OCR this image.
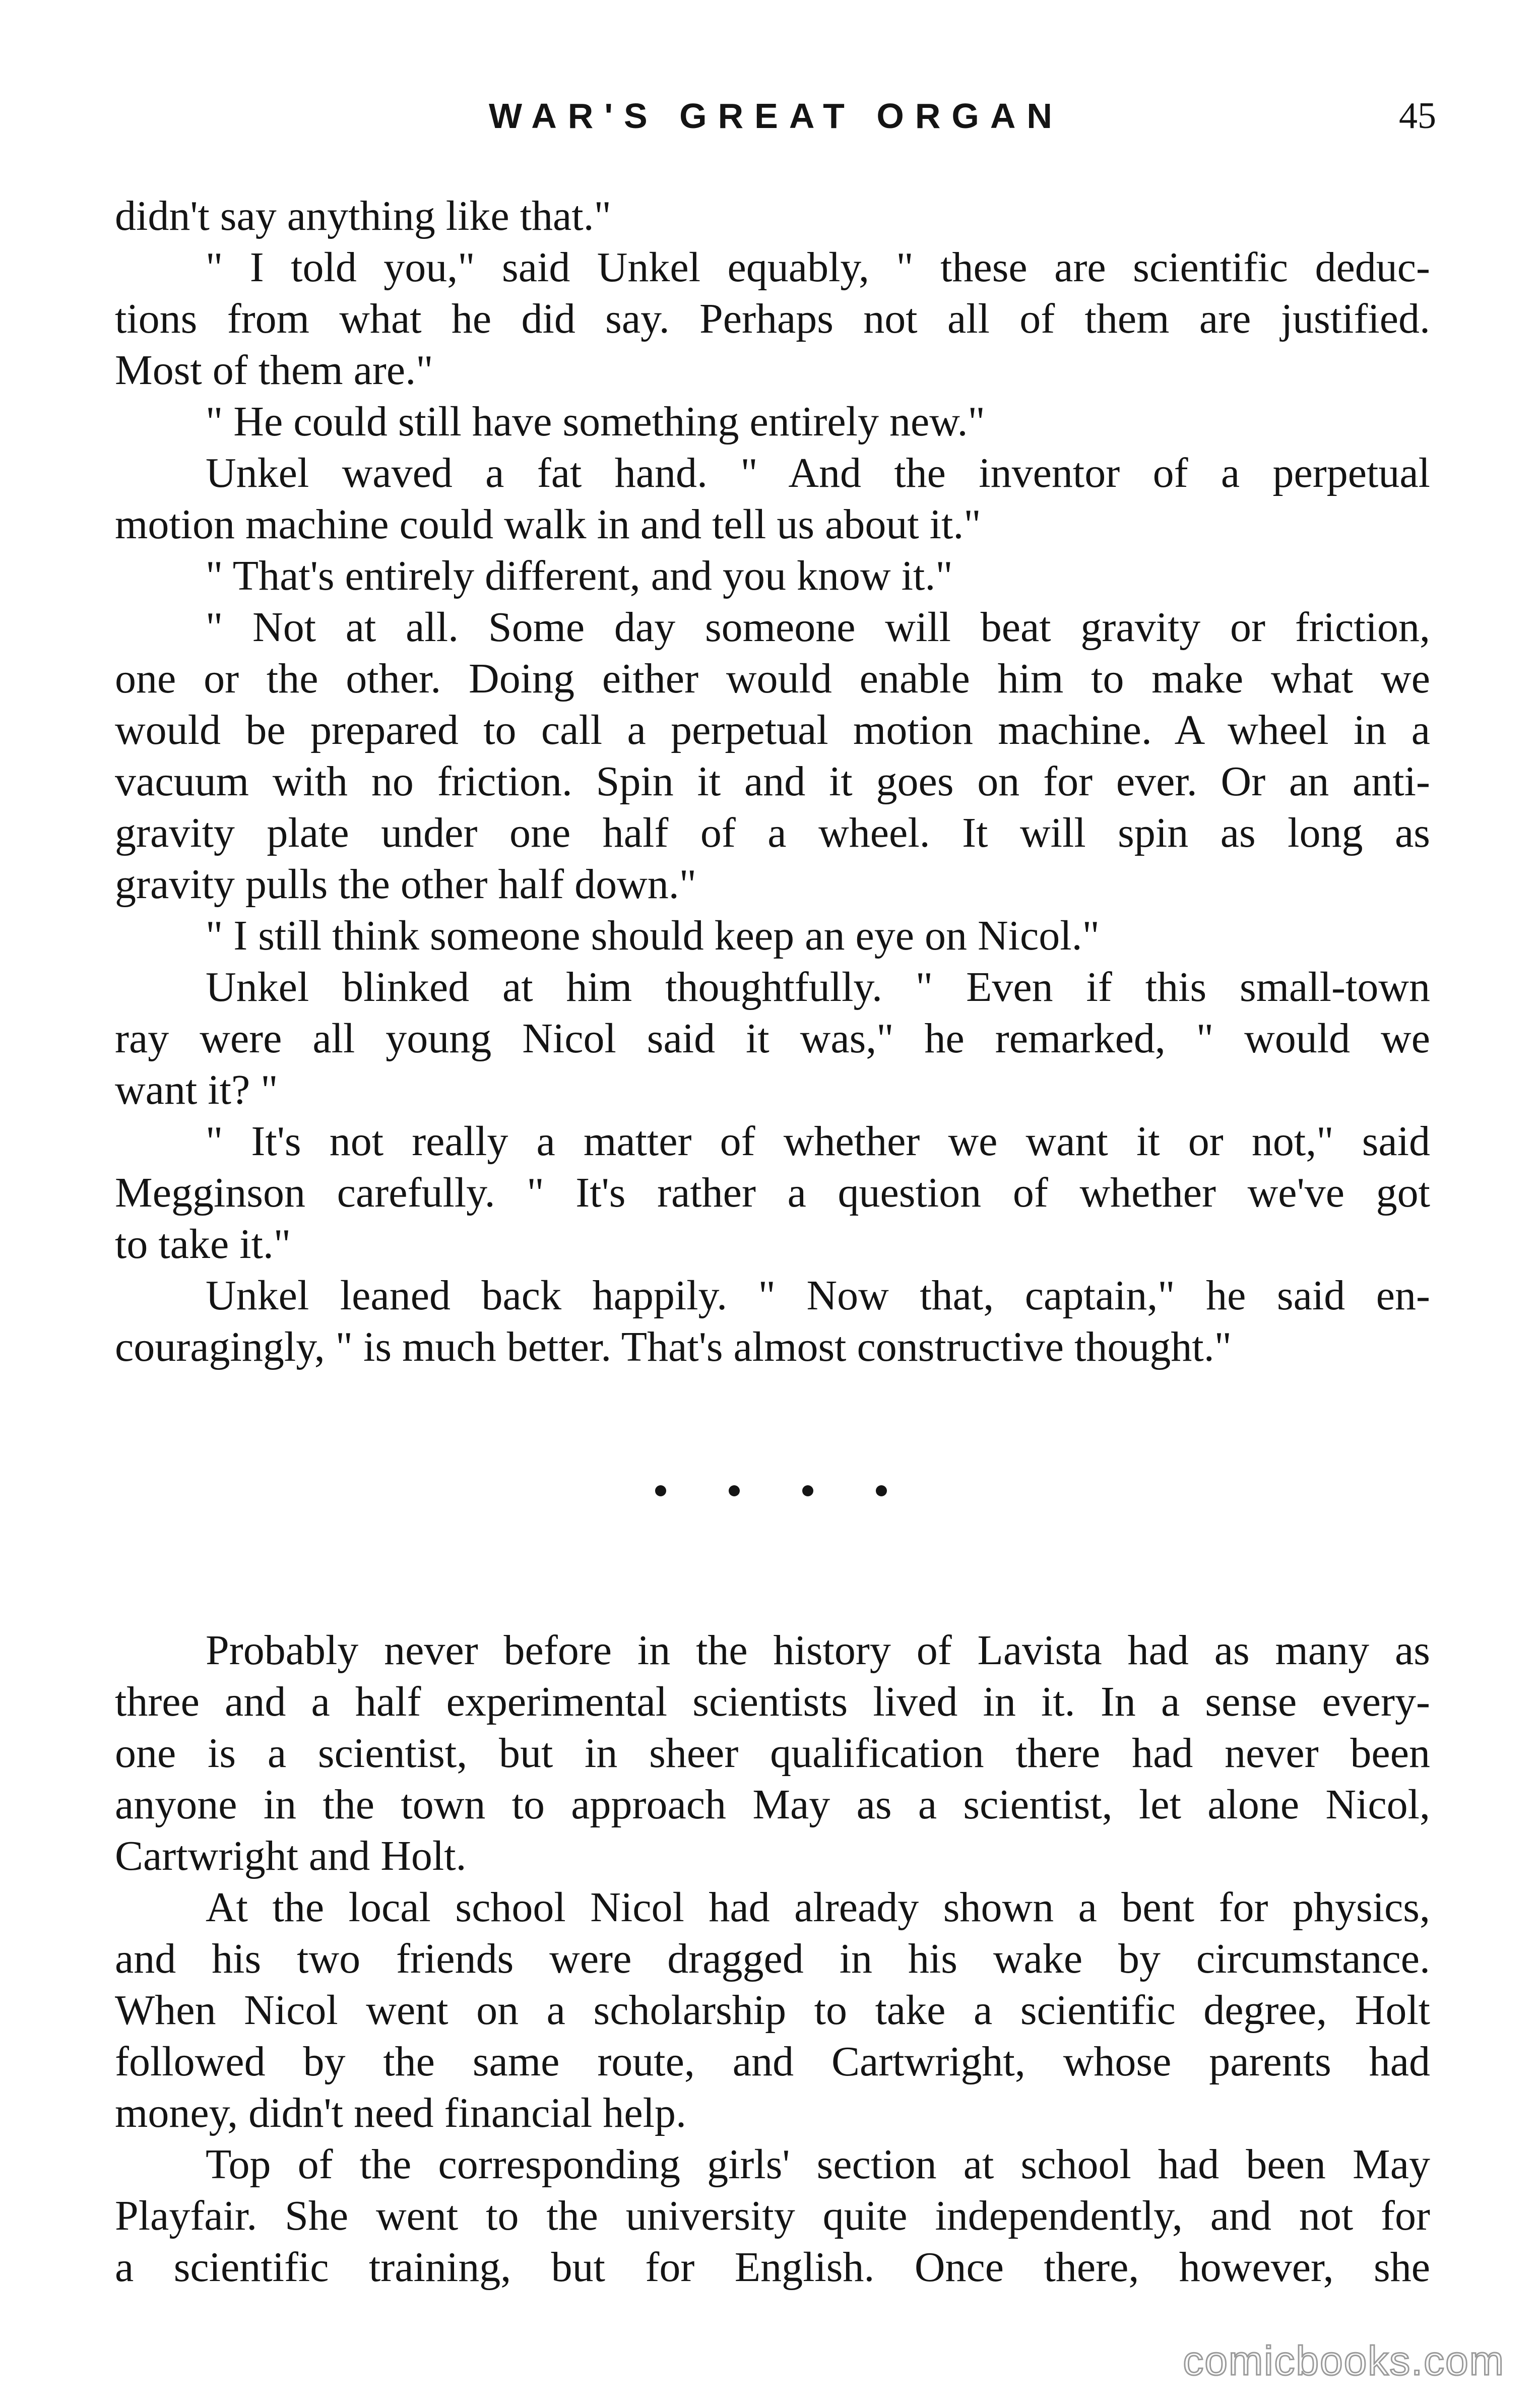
WAR'S GREAT ORGAN	45
didn't say anything like that."
" I told you," said Unkel equably, " these are scientific deduc-
tions from what he did say. Perhaps not all of them are justified.
Most of them are."
" He could still have something entirely new."
Unkel waved a fat hand. " And the inventor of a perpetual
motion machine could walk in and tell us about it."
" That's entirely different, and you know it."
" Not at all. Some day someone will beat gravity or friction,
one or the other. Doing either would enable him to make what we
would be prepared to call a perpetual motion machine. A wheel in a
vacuum with no friction. Spin it and it goes on for ever. Or an anti-
gravity plate under one half of a wheel. It will spin as long as
gravity pulls the other half down."
" I still think someone should keep an eye on Nicol."
Unkel blinked at him thoughtfully. " Even if this small-town
ray were all young Nicol said it was," he remarked, " would we
want it? "
" It's not really a matter of whether we want it or not," said
Megginson carefully. " It's rather a question of whether we've got
to take it."
Unkel leaned back happily. " Now that, captain," he said en-
couragingly, " is much better. That's almost constructive thought."
Probably never before in the history of Lavista had as many as
three and a half experimental scientists lived in it. In a sense every-
one is a scientist, but in sheer qualification there had never been
anyone in the town to approach May as a scientist, let alone Nicol,
Cartwright and Holt.
At the local school Nicol had already shown a bent for physics,
and his two friends were dragged in his wake by circumstance.
When Nicol went on a scholarship to take a scientific degree, Holt
followed by the same route, and Cartwright, whose parents had
money, didn't need financial help.
Top of the corresponding girls' section at school had been May
Playfair. She went to the university quite independently, and not for
a scientific training, but for English. Once there, however, she
comicbooks.com
